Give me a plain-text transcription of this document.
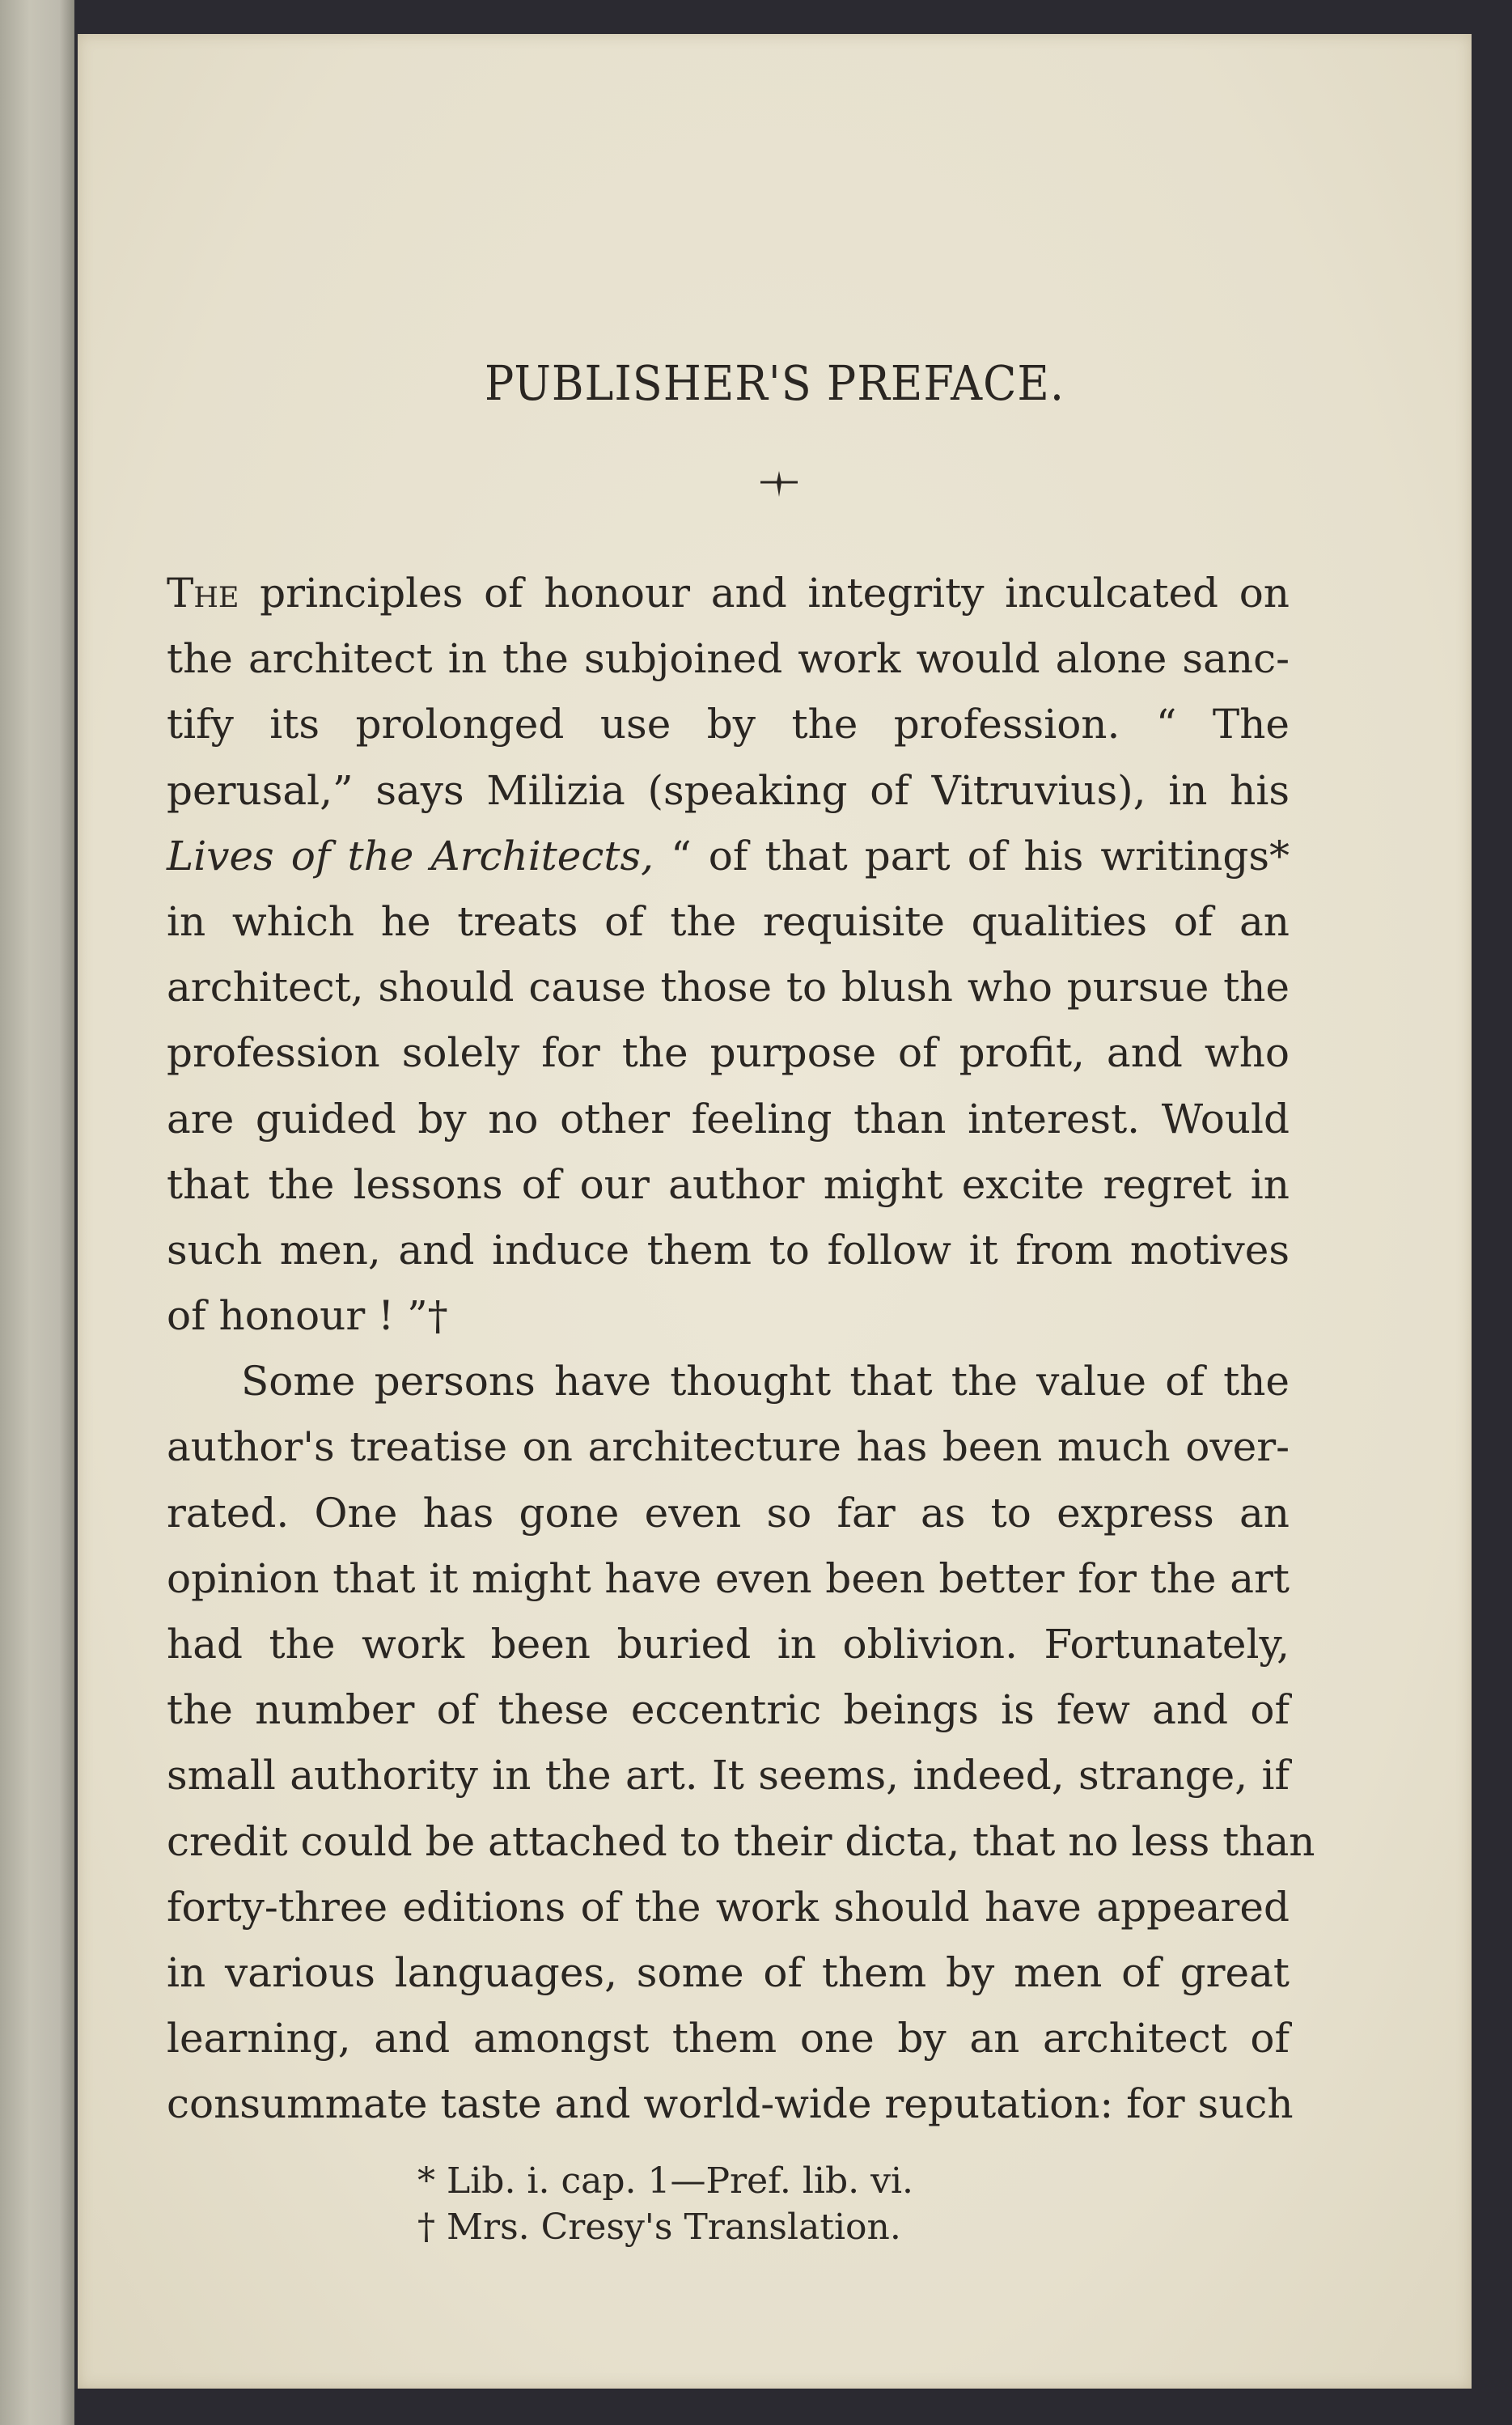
PUBLISHER'S PREFACE.
The principles of honour and integrity inculcated on
the architect in the subjoined work would alone sanc-
tify its prolonged use by the profession. “ The
perusal,” says Milizia (speaking of Vitruvius), in his
Lives of the Architects, “ of that part of his writings*
in which he treats of the requisite qualities of an
architect, should cause those to blush who pursue the
profession solely for the purpose of profit, and who
are guided by no other feeling than interest. Would
that the lessons of our author might excite regret in
such men, and induce them to follow it from motives
of honour ! ”†
Some persons have thought that the value of the
author's treatise on architecture has been much over-
rated. One has gone even so far as to express an
opinion that it might have even been better for the art
had the work been buried in oblivion. Fortunately,
the number of these eccentric beings is few and of
small authority in the art. It seems, indeed, strange, if
credit could be attached to their dicta, that no less than
forty-three editions of the work should have appeared
in various languages, some of them by men of great
learning, and amongst them one by an architect of
consummate taste and world-wide reputation: for such
* Lib. i. cap. 1—Pref. lib. vi.
† Mrs. Cresy's Translation.
